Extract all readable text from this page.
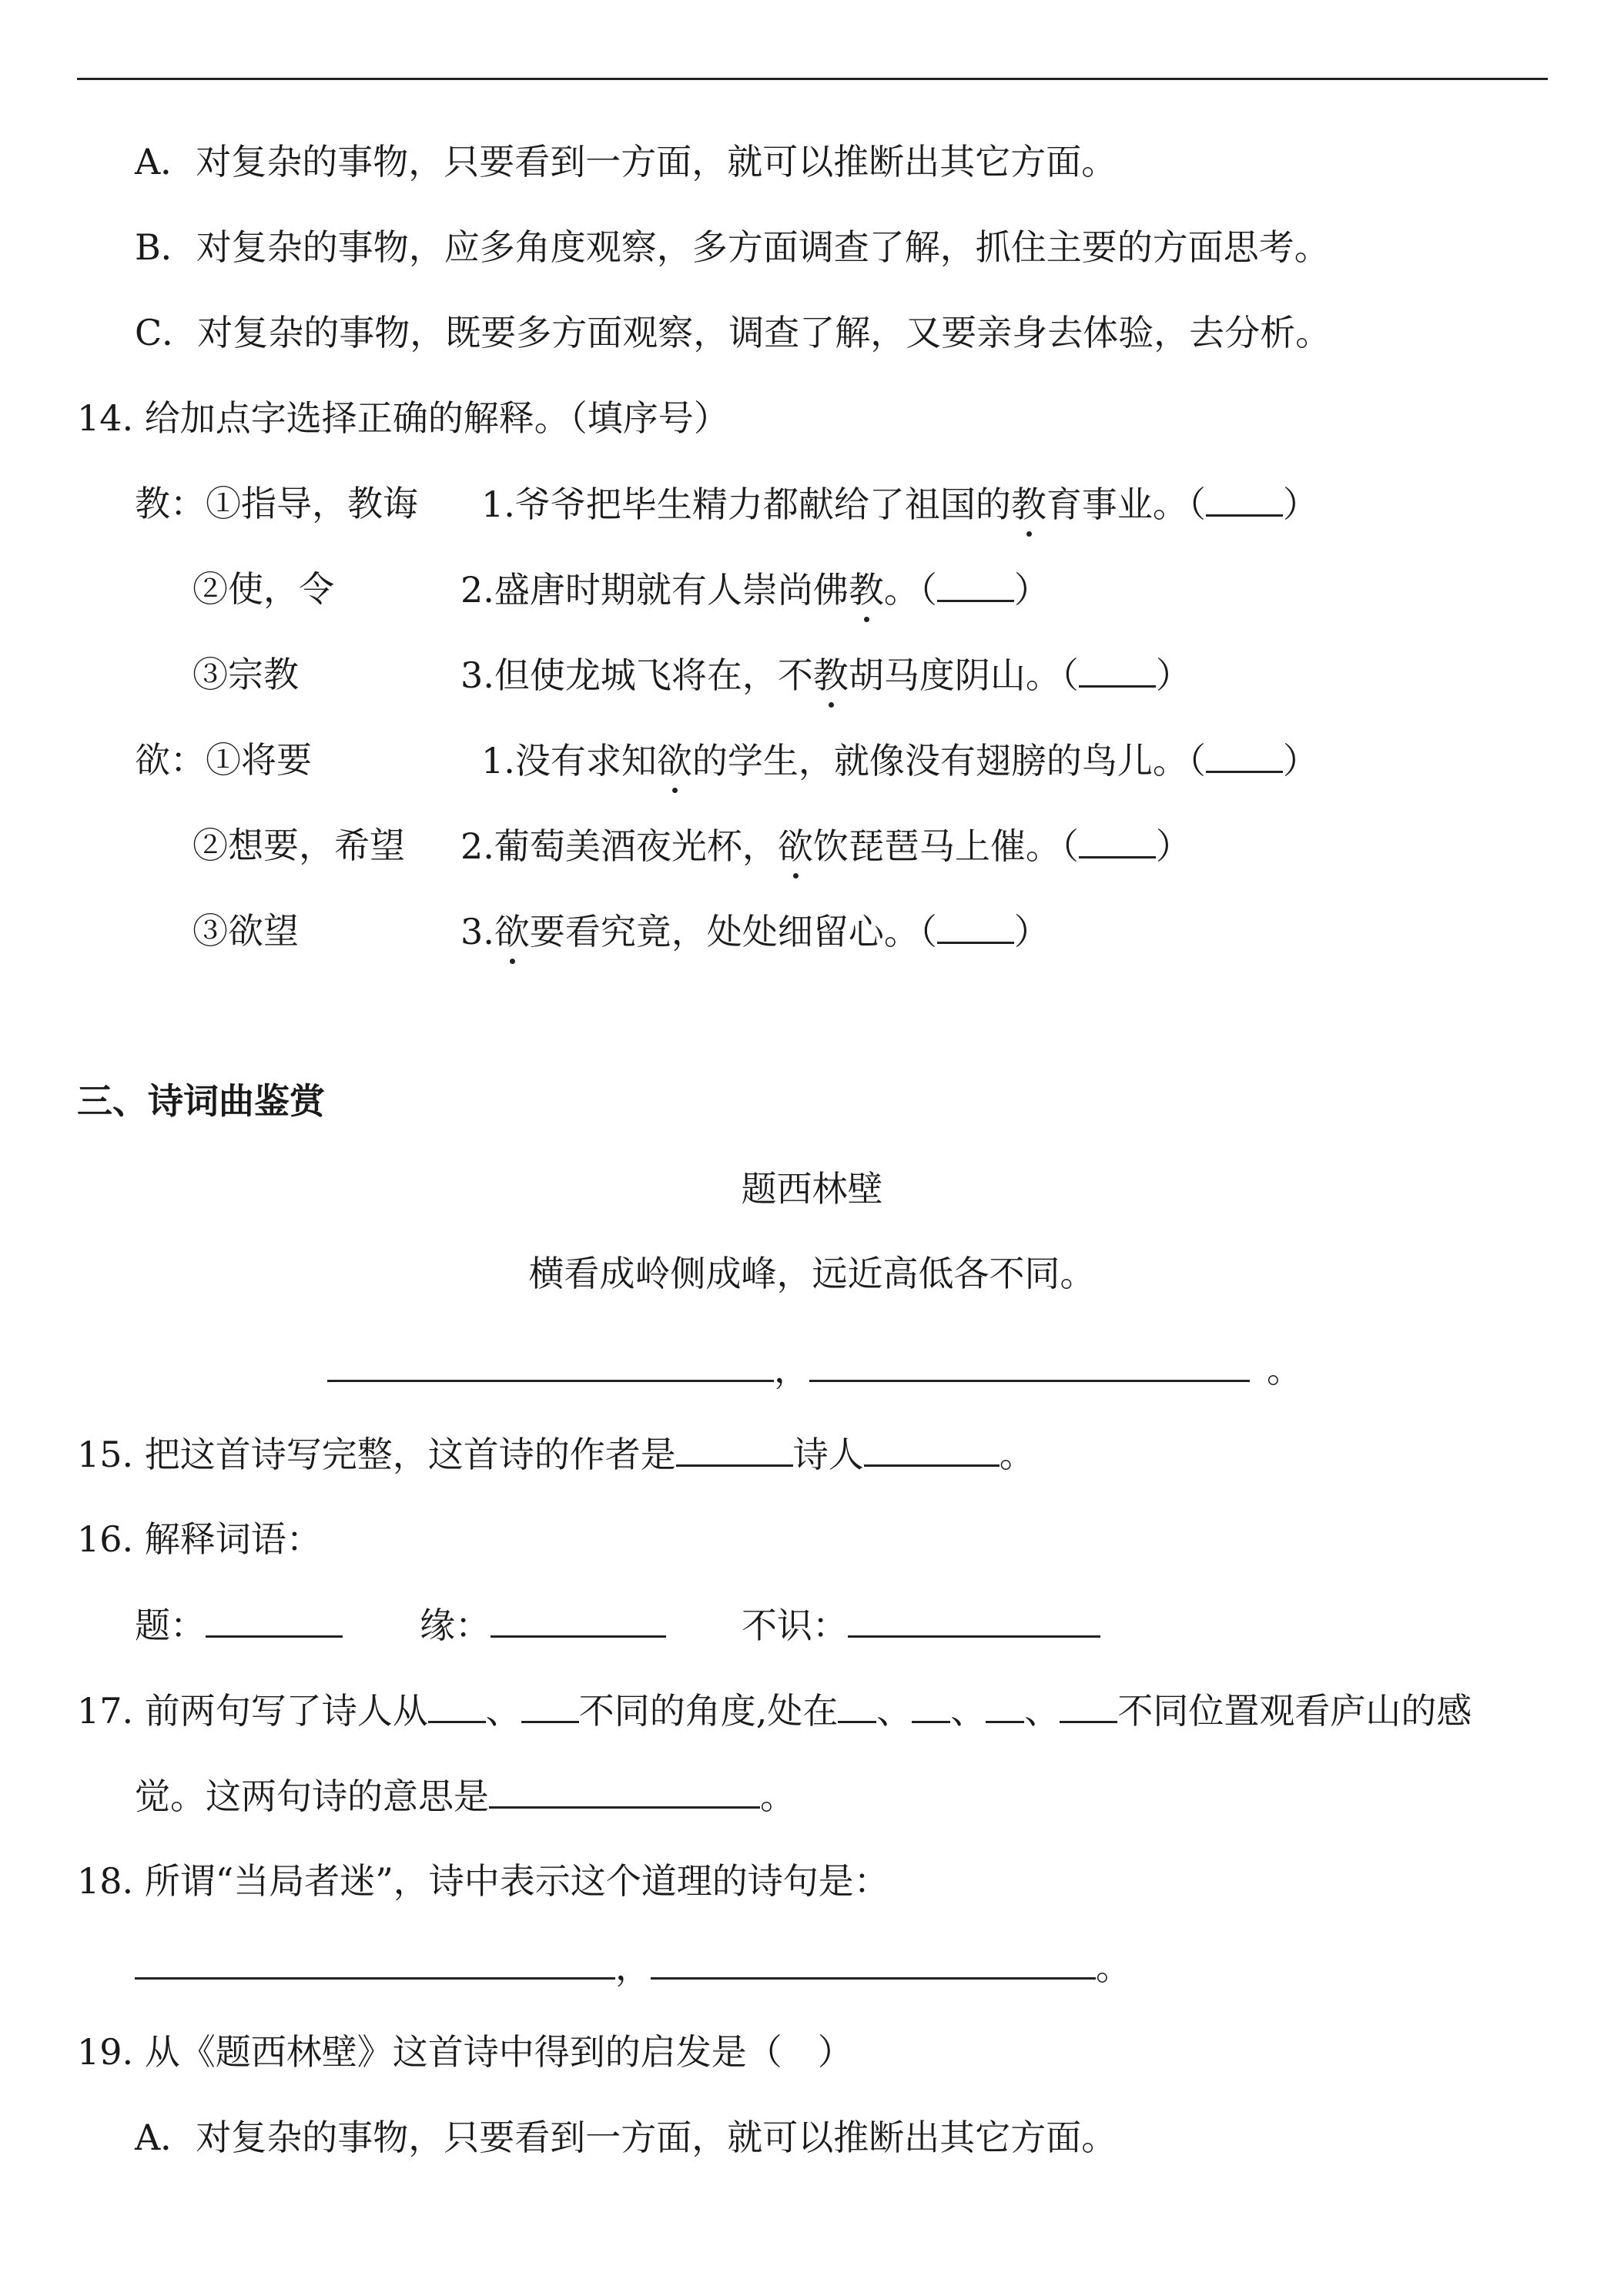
A．对复杂的事物，只要看到一方面，就可以推断出其它方面。
B．对复杂的事物，应多角度观察，多方面调查了解，抓住主要的方面思考。
C．对复杂的事物，既要多方面观察，调查了解，又要亲身去体验，去分析。
14. 给加点字选择正确的解释。（填序号）
教：①指导，教诲 1.爷爷把毕生精力都献给了祖国的教育事业。（ ）
②使，令	2.盛唐时期就有人崇尚佛教。（ ）
③宗教	3.但使龙城飞将在，不教胡马度阴山。（ ）
欲：①将要	1.没有求知欲的学生，就像没有翅膀的鸟儿。（ ）
②想要，希望 2.葡萄美酒夜光杯，欲饮琵琶马上催。（ ）
③欲望	3.欲要看究竟，处处细留心。（ ）
三、诗词曲鉴赏
题西林壁
横看成岭侧成峰，远近高低各不同。
，	。
15. 把这首诗写完整，这首诗的作者是	诗人	。
16. 解释词语：
题：	缘：	不识：
17. 前两句写了诗人从 、 不同的角度,处在 、 、 、 不同位置观看庐山的感
觉。这两句诗的意思是	。
18. 所谓“当局者迷”，诗中表示这个道理的诗句是：
，	。
19. 从《题西林壁》这首诗中得到的启发是（　）
A．对复杂的事物，只要看到一方面，就可以推断出其它方面。
